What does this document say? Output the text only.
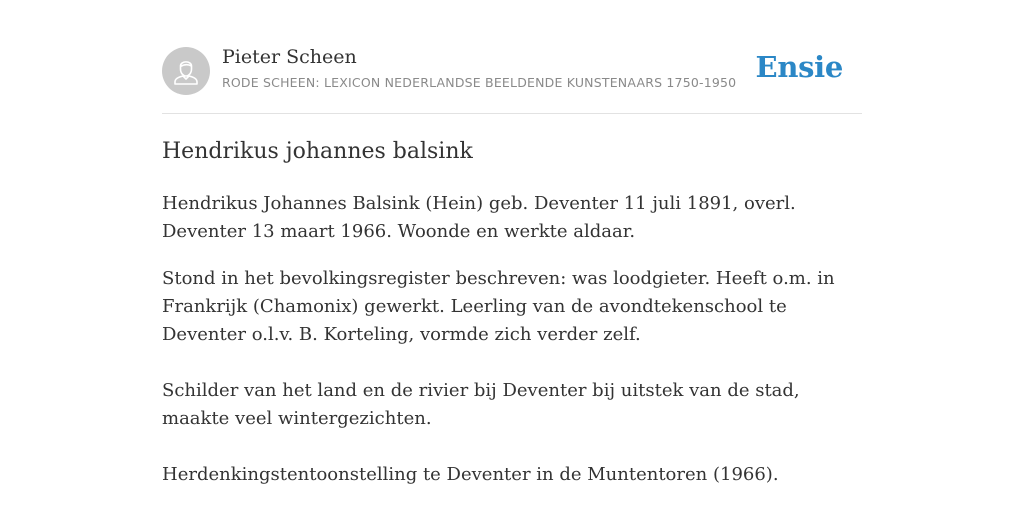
Pieter Scheen
RODE SCHEEN: LEXICON NEDERLANDSE BEELDENDE KUNSTENAARS 1750-1950 Ensie
Hendrikus johannes balsink

Hendrikus Johannes Balsink (Hein) geb. Deventer 11 juli 1891, overl. Deventer 13 maart 1966. Woonde en werkte aldaar.

Stond in het bevolkingsregister beschreven: was loodgieter. Heeft o.m. in Frankrijk (Chamonix) gewerkt. Leerling van de avondtekenschool te Deventer o.l.v. B. Korteling, vormde zich verder zelf.

Schilder van het land en de rivier bij Deventer bij uitstek van de stad, maakte veel wintergezichten.

Herdenkingstentoonstelling te Deventer in de Muntentoren (1966).
